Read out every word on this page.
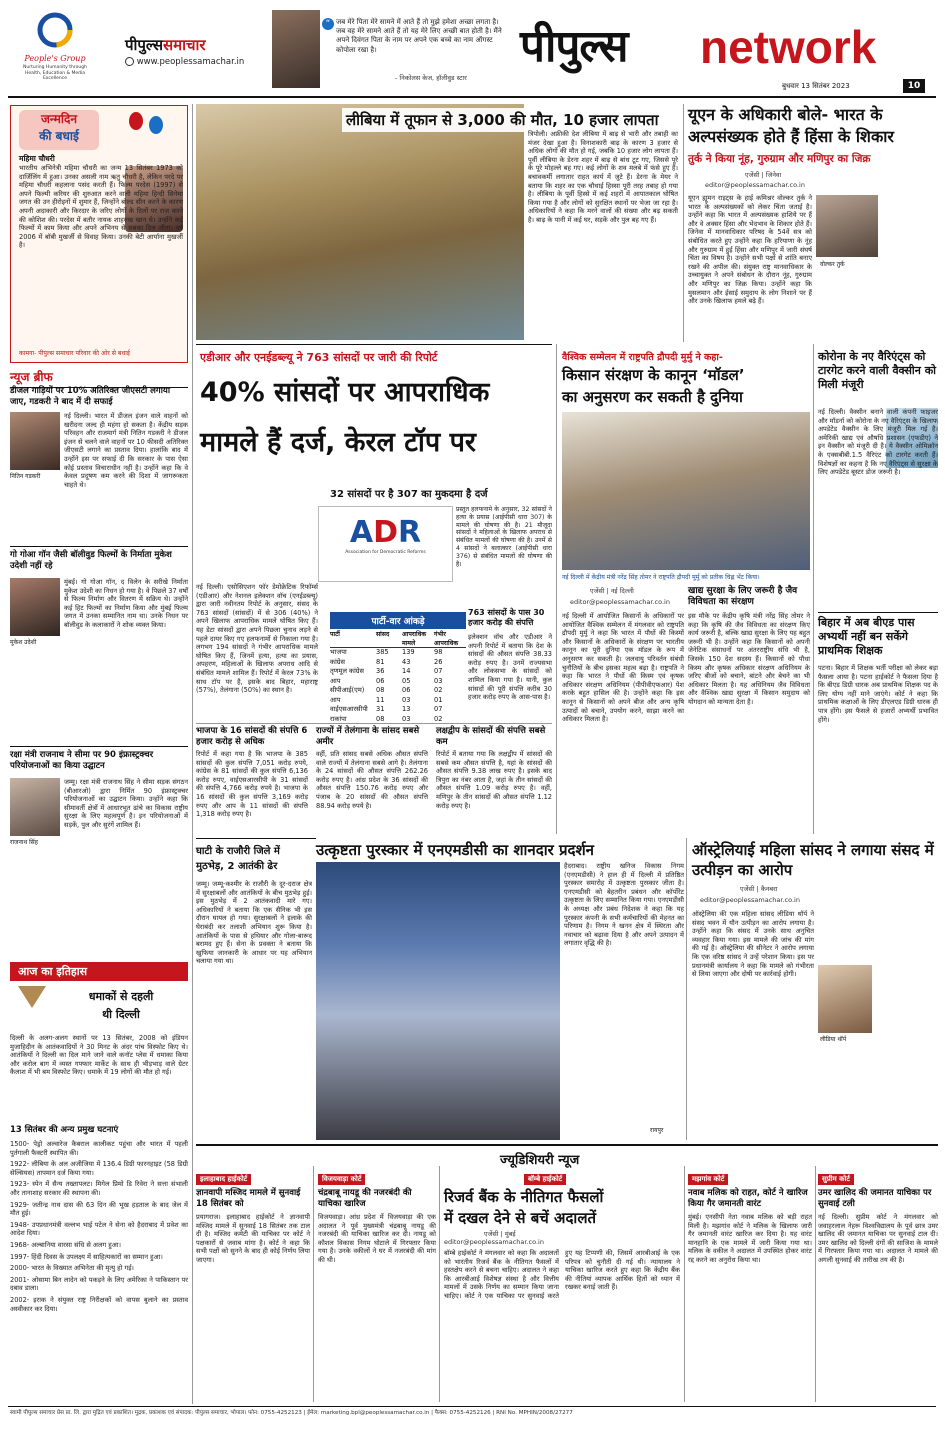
People's Group
Nurturing Humanity through Health, Education & Media Excellence
पीपुल्ससमाचार
www.peoplessamachar.in
“ जब मेरे पिता मेरे सामने में आते हैं तो मुझे हमेशा अच्छा लगता है। जब वह मेरे सामने आते हैं तो यह मेरे लिए अच्छी बात होती है। मैंने अपने दिवंगत पिता के नाम पर अपने एक बच्चे का नाम ऑगस्ट कोपोला रखा है।
- निकोलस केज, हॉलीवुड स्टार
पीपुल्स network
बुधवार 13 सितंबर 2023	10
जन्मदिन
की बधाई
महिमा चौधरी
भारतीय अभिनेत्री महिमा चौधरी का जन्म 13 सितंबर 1973 को दार्जिलिंग में हुआ। उनका असली नाम ऋतु चौधरी है, लेकिन परदे पर महिमा चौधरी कहलाना पसंद करती हैं। फिल्म परदेस (1997) से अपने फिल्मी करियर की शुरुआत करने वाली महिमा हिन्दी सिनेमा जगत की उन हीरोइनों में शुमार हैं, जिन्होंने बोल्ड सीन करने के कारण अपनी अदाकारी और किरदार के जरिए लोगों के दिलों पर राज करने की कोशिश की। परदेस में बतौर नायक शाहरुख खान थे। उन्होंने कई फिल्मों में काम किया और अपने अभिनय से सबका दिल जीता। वर्ष 2006 में बॉबी मुखर्जी से विवाह किया। उनकी बेटी आर्याना मुखर्जी है।
कामना- पीपुल्स समाचार परिवार की ओर से बधाई
न्यूज ब्रीफ
डीजल गाड़ियों पर 10% अतिरिक्त जीएसटी लगाया जाए, गडकरी ने बाद में दी सफाई
नितिन गडकरी
नई दिल्ली। भारत में डीजल इंजन वाले वाहनों को खरीदना जल्द ही महंगा हो सकता है। केंद्रीय सड़क परिवहन और राजमार्ग मंत्री नितिन गडकरी ने डीजल इंजन से चलने वाले वाहनों पर 10 फीसदी अतिरिक्त जीएसटी लगाने का प्रस्ताव दिया। हालांकि बाद में उन्होंने इस पर सफाई दी कि सरकार के पास ऐसा कोई प्रस्ताव विचाराधीन नहीं है। उन्होंने कहा कि वे केवल प्रदूषण कम करने की दिशा में जागरूकता चाहते थे।
गो गोआ गॉन जैसी बॉलीवुड फिल्मों के निर्माता मुकेश उदेशी नहीं रहे
मुकेश उदेशी
मुंबई। गो गोआ गॉन, द विलेन के सरीखे निर्माता मुकेश उदेशी का निधन हो गया है। वे पिछले 37 वर्षों से फिल्म निर्माण और वितरण में सक्रिय थे। उन्होंने कई हिट फिल्मों का निर्माण किया और मुंबई फिल्म जगत में उनका सम्मानित नाम था। उनके निधन पर बॉलीवुड के कलाकारों ने शोक व्यक्त किया।
रक्षा मंत्री राजनाथ ने सीमा पर 90 इंफ्रास्ट्रक्चर परियोजनाओं का किया उद्घाटन
राजनाथ सिंह
जम्मू। रक्षा मंत्री राजनाथ सिंह ने सीमा सड़क संगठन (बीआरओ) द्वारा निर्मित 90 इंफ्रास्ट्रक्चर परियोजनाओं का उद्घाटन किया। उन्होंने कहा कि सीमावर्ती क्षेत्रों में आधारभूत ढांचे का विकास राष्ट्रीय सुरक्षा के लिए महत्वपूर्ण है। इन परियोजनाओं में सड़कें, पुल और सुरंगें शामिल हैं।
आज का इतिहास
धमाकों से दहली
थी दिल्ली
दिल्ली के अलग-अलग स्थानों पर 13 सितंबर, 2008 को इंडियन मुजाहिदीन के आतंकवादियों ने 30 मिनट के अंदर पांच विस्फोट किए थे। आतंकियों ने दिल्ली का दिल माने जाने वाले कनॉट प्लेस में धमाका किया और करोल बाग में व्यस्त गफ्फार मार्केट के साथ ही भीड़भाड़ वाले ग्रेटर कैलाश में भी बम विस्फोट किए। धमाके में 19 लोगों की मौत हो गई।
13 सितंबर की अन्य प्रमुख घटनाएं
1500- पेड्रो अल्वारेज कैबराल कालीकट पहुंचा और भारत में पहली पुर्तगाली फैक्टरी स्थापित की।
1922- लीबिया के अल अजीजिया में 136.4 डिग्री फारनहाइट (58 डिग्री सेल्सियस) तापमान दर्ज किया गया।
1923- स्पेन में सैन्य तख्तापलट। मिगेल प्रिमो डि रिवेरा ने सत्ता संभाली और तानाशाह सरकार की स्थापना की।
1929- जतीन्द्र नाथ दास की 63 दिन की भूख हड़ताल के बाद जेल में मौत हुई।
1948- उपप्रधानमंत्री वल्लभ भाई पटेल ने सेना को हैदराबाद में प्रवेश का आदेश दिया।
1968- अल्बानिया वारसा संधि से अलग हुआ।
1997- हिंदी दिवस के उपलक्ष्य में साहित्यकारों का सम्मान हुआ।
2000- भारत के विख्यात अभिनेता की मृत्यु हो गई।
2001- ओसामा बिन लादेन को पकड़ने के लिए अमेरिका ने पाकिस्तान पर दबाव डाला।
2002- इराक ने संयुक्त राष्ट्र निरीक्षकों को वापस बुलाने का प्रस्ताव अस्वीकार कर दिया।
लीबिया में तूफान से 3,000 की मौत, 10 हजार लापता
त्रिपोली। अफ्रीकी देश लीबिया में बाढ़ से भारी और तबाही का मंजर देखा हुआ है। विनाशकारी बाढ़ के कारण 3 हजार से अधिक लोगों की मौत हो गई, जबकि 10 हजार लोग लापता हैं। पूर्वी लीबिया के डेरना शहर में बाढ़ से बांध टूट गए, जिससे पूरे के पूरे मोहल्ले बह गए। कई लोगों के शव मलबे में फंसे हुए हैं। बचावकर्मी लगातार राहत कार्य में जुटे हैं। डेरना के मेयर ने बताया कि शहर का एक चौथाई हिस्सा पूरी तरह तबाह हो गया है। लीबिया के पूर्वी हिस्से में कई शहरों में आपातकाल घोषित किया गया है और लोगों को सुरक्षित स्थानों पर भेजा जा रहा है। अधिकारियों ने कहा कि मरने वालों की संख्या और बढ़ सकती है। बाढ़ के पानी में कई घर, सड़कें और पुल बह गए हैं।
यूएन के अधिकारी बोले- भारत के अल्पसंख्यक होते हैं हिंसा के शिकार
तुर्क ने किया नूंह, गुरुग्राम और मणिपुर का जिक्र
एजेंसी | जिनेवा
editor@peoplessamachar.co.in
वोल्कर तुर्क
यूएन ह्यूमन राइट्स के हाई कमिश्नर वोल्कर तुर्क ने भारत के अल्पसंख्यकों को लेकर चिंता जताई है। उन्होंने कहा कि भारत में अल्पसंख्यक हाशिये पर हैं और वे अक्सर हिंसा और भेदभाव के शिकार होते हैं। जिनेवा में मानवाधिकार परिषद के 54वें सत्र को संबोधित करते हुए उन्होंने कहा कि हरियाणा के नूंह और गुरुग्राम में हुई हिंसा और मणिपुर में जारी संघर्ष चिंता का विषय है। उन्होंने सभी पक्षों से शांति बनाए रखने की अपील की। संयुक्त राष्ट्र मानवाधिकार के उच्चायुक्त ने अपने संबोधन के दौरान नूंह, गुरुग्राम और मणिपुर का जिक्र किया। उन्होंने कहा कि मुसलमान और ईसाई समुदाय के लोग निशाने पर हैं और उनके खिलाफ हमले बढ़े हैं।
एडीआर और एनईडब्ल्यू ने 763 सांसदों पर जारी की रिपोर्ट
40% सांसदों पर आपराधिक
मामले हैं दर्ज, केरल टॉप पर
32 सांसदों पर है 307 का मुकदमा है दर्ज
ADR
Association for Democratic Reforms
प्रस्तुत हलफनामे के अनुसार, 32 सांसदों ने हत्या के प्रयास (आईपीसी धारा 307) के मामले की घोषणा की है। 21 मौजूदा सांसदों ने महिलाओं के खिलाफ अपराध से संबंधित मामलों की घोषणा की है। उनमें से 4 सांसदों ने बलात्कार (आईपीसी धारा 376) से संबंधित मामलों की घोषणा की है।
नई दिल्ली। एसोसिएशन फॉर डेमोक्रेटिक रिफॉर्म्स (एडीआर) और नेशनल इलेक्शन वॉच (एनईडब्ल्यू) द्वारा जारी नवीनतम रिपोर्ट के अनुसार, संसद के 763 सांसदों (सांसदों) में से 306 (40%) ने अपने खिलाफ आपराधिक मामले घोषित किए हैं। यह डेटा सांसदों द्वारा अपने पिछला चुनाव लड़ने से पहले दायर किए गए हलफनामों से निकाला गया है। लगभग 194 सांसदों ने गंभीर आपराधिक मामले घोषित किए हैं, जिनमें हत्या, हत्या का प्रयास, अपहरण, महिलाओं के खिलाफ अपराध आदि से संबंधित मामले शामिल हैं। रिपोर्ट में केरल 73% के साथ टॉप पर है, इसके बाद बिहार, महाराष्ट्र (57%), तेलंगाना (50%) का स्थान है।
पार्टी-वार आंकड़े
पार्टी	सांसद	आपराधिक मामले
गंभीर आपराधिक
भाजपा	385	139	98
कांग्रेस	81	43	26
तृणमूल कांग्रेस	36	14	07
आप	06	05	03
सीपीआई(एम)	08	06	02
आप	11	03	01
वाईएसआरसीपी	31	13	07
राकांपा	08	03	02
763 सांसदों के पास 30 हजार करोड़ की संपत्ति
इलेक्शन वॉच और एडीआर ने अपनी रिपोर्ट में बताया कि देश के सांसदों की औसत संपत्ति 38.33 करोड़ रुपए है। उनमें राज्यसभा और लोकसभा के सांसदों को शामिल किया गया है। यानी, कुल सांसदों की पूरी संपत्ति करीब 30 हजार करोड़ रुपए के आस-पास है।
भाजपा के 16 सांसदों की संपत्ति 6 हजार करोड़ से अधिक
रिपोर्ट में कहा गया है कि भाजपा के 385 सांसदों की कुल संपत्ति 7,051 करोड़ रुपये, कांग्रेस के 81 सांसदों की कुल संपत्ति 6,136 करोड़ रुपए, वाईएसआरसीपी के 31 सांसदों की संपत्ति 4,766 करोड़ रुपये है। भाजपा के 16 सांसदों की कुल संपत्ति 3,169 करोड़ रुपए और आप के 11 सांसदों की संपत्ति 1,318 करोड़ रुपए है।
राज्यों में तेलंगाना के सांसद सबसे अमीर
वहीं, प्रति सांसद सबसे अधिक औसत संपत्ति वाले राज्यों में तेलंगाना सबसे आगे है। तेलंगाना के 24 सांसदों की औसत संपत्ति 262.26 करोड़ रुपए है। आंध्र प्रदेश के 36 सांसदों की औसत संपत्ति 150.76 करोड़ रुपए और पंजाब के 20 सांसदों की औसत संपत्ति 88.94 करोड़ रुपये है।
लक्षद्वीप के सांसदों की संपत्ति सबसे कम
रिपोर्ट में बताया गया कि लक्षद्वीप में सांसदों की सबसे कम औसत संपत्ति है, यहां के सांसदों की औसत संपत्ति 9.38 लाख रुपए है। इसके बाद त्रिपुरा का नंबर आता है, जहां के तीन सांसदों की औसत संपत्ति 1.09 करोड़ रुपए है। वहीं, मणिपुर के तीन सांसदों की औसत संपत्ति 1.12 करोड़ रुपए है।
घाटी के राजौरी जिले में
मुठभेड़, 2 आतंकी ढेर
जम्मू। जम्मू-कश्मीर के राजौरी के दूर-दराज क्षेत्र में सुरक्षाबलों और आतंकियों के बीच मुठभेड़ हुई। इस मुठभेड़ में 2 आतंकवादी मारे गए। अधिकारियों ने बताया कि एक सैनिक भी इस दौरान घायल हो गया। सुरक्षाबलों ने इलाके की घेराबंदी कर तलाशी अभियान शुरू किया है। आतंकियों के पास से हथियार और गोला-बारूद बरामद हुए हैं। सेना के प्रवक्ता ने बताया कि खुफिया जानकारी के आधार पर यह अभियान चलाया गया था।
उत्कृष्टता पुरस्कार में एनएमडीसी का शानदार प्रदर्शन
हैदराबाद। राष्ट्रीय खनिज विकास निगम (एनएमडीसी) ने हाल ही में दिल्ली में प्रतिष्ठित पुरस्कार समारोह में उत्कृष्टता पुरस्कार जीता है। एनएमडीसी को बेहतरीन प्रबंधन और कॉर्पोरेट उत्कृष्टता के लिए सम्मानित किया गया। एनएमडीसी के अध्यक्ष और प्रबंध निदेशक ने कहा कि यह पुरस्कार कंपनी के सभी कर्मचारियों की मेहनत का परिणाम है। निगम ने खनन क्षेत्र में स्थिरता और नवाचार को बढ़ावा दिया है और अपने उत्पादन में लगातार वृद्धि की है।
रायपुर
वैश्विक सम्मेलन में राष्ट्रपति द्रौपदी मुर्मु ने कहा-
किसान संरक्षण के कानून ‘मॉडल’
का अनुसरण कर सकती है दुनिया
नई दिल्ली में केंद्रीय मंत्री नरेंद्र सिंह तोमर ने राष्ट्रपति द्रौपदी मुर्मु को प्रतीक चिह्न भेंट किया।
एजेंसी | नई दिल्ली
editor@peoplessamachar.co.in
नई दिल्ली में आयोजित किसानों के अधिकारों पर आयोजित वैश्विक सम्मेलन में मंगलवार को राष्ट्रपति द्रौपदी मुर्मु ने कहा कि भारत में पौधों की किस्मों और किसानों के अधिकारों के संरक्षण पर भारतीय कानून का पूरी दुनिया एक मॉडल के रूप में अनुसरण कर सकती है। जलवायु परिवर्तन संबंधी चुनौतियों के बीच इसका महत्व बढ़ा है। राष्ट्रपति ने कहा कि भारत ने पौधों की किस्म एवं कृषक अधिकार संरक्षण अधिनियम (पीपीवीएफआर) पेश करके बहुत हासिल की है। उन्होंने कहा कि इस कानून से किसानों को अपने बीज और अन्य कृषि उत्पादों को बचाने, उपयोग करने, साझा करने का अधिकार मिलता है।
खाद्य सुरक्षा के लिए जरूरी है जैव विविधता का संरक्षण
इस मौके पर केंद्रीय कृषि मंत्री नरेंद्र सिंह तोमर ने कहा कि कृषि की जैव विविधता का संरक्षण किए कार्य जरूरी है, बल्कि खाद्य सुरक्षा के लिए यह बहुत जरूरी भी है। उन्होंने कहा कि किसानों को अपनी जेनेटिक संसाधनों पर अंतरराष्ट्रीय संधि भी है, जिसके 150 देश सदस्य हैं। किसानों को पौधा किस्म और कृषक अधिकार संरक्षण अधिनियम के जरिए बीजों को बचाने, बांटने और बेचने का भी अधिकार मिलता है। यह अधिनियम जैव विविधता और वैश्विक खाद्य सुरक्षा में किसान समुदाय को योगदान को मान्यता देता है।
कोरोना के नए वैरिएंट्स को टारगेट करने वाली वैक्सीन को मिली मंजूरी
नई दिल्ली। वैक्सीन बनाने वाली कंपनी फाइजर और मॉडर्ना को कोरोना के नए वैरिएंट्स के खिलाफ अपडेटेड वैक्सीन के लिए मंजूरी मिल गई है। अमेरिकी खाद्य एवं औषधि प्रशासन (एफडीए) ने इन वैक्सीन को मंजूरी दी है। ये वैक्सीन ओमिक्रॉन के एक्सबीबी.1.5 वैरिएंट को टारगेट करती हैं। विशेषज्ञों का कहना है कि नए वैरिएंट्स से सुरक्षा के लिए अपडेटेड बूस्टर डोज जरूरी है।
बिहार में अब बीएड पास अभ्यर्थी नहीं बन सकेंगे प्राथमिक शिक्षक
पटना। बिहार में शिक्षक भर्ती परीक्षा को लेकर बड़ा फैसला आया है। पटना हाईकोर्ट ने फैसला दिया है कि बीएड डिग्री धारक अब प्राथमिक शिक्षक पद के लिए योग्य नहीं माने जाएंगे। कोर्ट ने कहा कि प्राथमिक कक्षाओं के लिए डीएलएड डिग्री धारक ही पात्र होंगे। इस फैसले से हजारों अभ्यर्थी प्रभावित होंगे।
ऑस्ट्रेलियाई महिला सांसद ने लगाया संसद में उत्पीड़न का आरोप
एजेंसी | कैनबरा
editor@peoplessamachar.co.in
लीडिया थॉर्प
ऑस्ट्रेलिया की एक महिला सांसद लीडिया थॉर्प ने संसद भवन में यौन उत्पीड़न का आरोप लगाया है। उन्होंने कहा कि संसद में उनके साथ अनुचित व्यवहार किया गया। इस मामले की जांच की मांग की गई है। ऑस्ट्रेलिया की सीनेटर ने आरोप लगाया कि एक वरिष्ठ सांसद ने उन्हें परेशान किया। इस पर प्रधानमंत्री कार्यालय ने कहा कि मामले को गंभीरता से लिया जाएगा और दोषी पर कार्रवाई होगी।
ज्यूडिशियरी न्यूज
इलाहाबाद हाईकोर्ट
ज्ञानवापी मस्जिद मामले में सुनवाई 18 सितंबर को
प्रयागराज। इलाहाबाद हाईकोर्ट ने ज्ञानवापी मस्जिद मामले में सुनवाई 18 सितंबर तक टाल दी है। मस्जिद कमेटी की याचिका पर कोर्ट ने पक्षकारों से जवाब मांगा है। कोर्ट ने कहा कि सभी पक्षों को सुनने के बाद ही कोई निर्णय लिया जाएगा।
विजयवाड़ा कोर्ट
चंद्रबाबू नायडू की नजरबंदी की याचिका खारिज
विजयवाड़ा। आंध्र प्रदेश में विजयवाड़ा की एक अदालत ने पूर्व मुख्यमंत्री चंद्रबाबू नायडू की नजरबंदी की याचिका खारिज कर दी। नायडू को कौशल विकास निगम घोटाले में गिरफ्तार किया गया है। उनके वकीलों ने घर में नजरबंदी की मांग की थी।
बॉम्बे हाईकोर्ट
रिजर्व बैंक के नीतिगत फैसलों
में दखल देने से बचें अदालतें
एजेंसी | मुंबई
editor@peoplessamachar.co.in
बॉम्बे हाईकोर्ट ने मंगलवार को कहा कि अदालतों को भारतीय रिजर्व बैंक के नीतिगत फैसलों में हस्तक्षेप करने से बचना चाहिए। अदालत ने कहा कि आरबीआई विशेषज्ञ संस्था है और वित्तीय मामलों में उसके निर्णय का सम्मान किया जाना चाहिए। कोर्ट ने एक याचिका पर सुनवाई करते हुए यह टिप्पणी की, जिसमें आरबीआई के एक परिपत्र को चुनौती दी गई थी। न्यायालय ने याचिका खारिज करते हुए कहा कि केंद्रीय बैंक की नीतियां व्यापक आर्थिक हितों को ध्यान में रखकर बनाई जाती हैं।
मझगांव कोर्ट
नवाब मलिक को राहत, कोर्ट ने खारिज किया गैर जमानती वारंट
मुंबई। एनसीपी नेता नवाब मलिक को बड़ी राहत मिली है। मझगांव कोर्ट ने मलिक के खिलाफ जारी गैर जमानती वारंट खारिज कर दिया है। यह वारंट मानहानि के एक मामले में जारी किया गया था। मलिक के वकील ने अदालत में उपस्थित होकर वारंट रद्द करने का अनुरोध किया था।
सुप्रीम कोर्ट
उमर खालिद की जमानत याचिका पर सुनवाई टली
नई दिल्ली। सुप्रीम कोर्ट ने मंगलवार को जवाहरलाल नेहरू विश्वविद्यालय के पूर्व छात्र उमर खालिद की जमानत याचिका पर सुनवाई टाल दी। उमर खालिद को दिल्ली दंगों की साजिश के मामले में गिरफ्तार किया गया था। अदालत ने मामले की अगली सुनवाई की तारीख तय की है।
स्वामी पीपुल्स समाचार प्रेस प्रा. लि. द्वारा मुद्रित एवं प्रकाशित। मुद्रक, प्रकाशक एवं संपादक: पीपुल्स समाचार, भोपाल। फोन: 0755-4252123 | ईमेल: marketing.bpl@peoplessamachar.co.in | फैक्स: 0755-4252126 | RNI No. MPHIN/2008/27277
